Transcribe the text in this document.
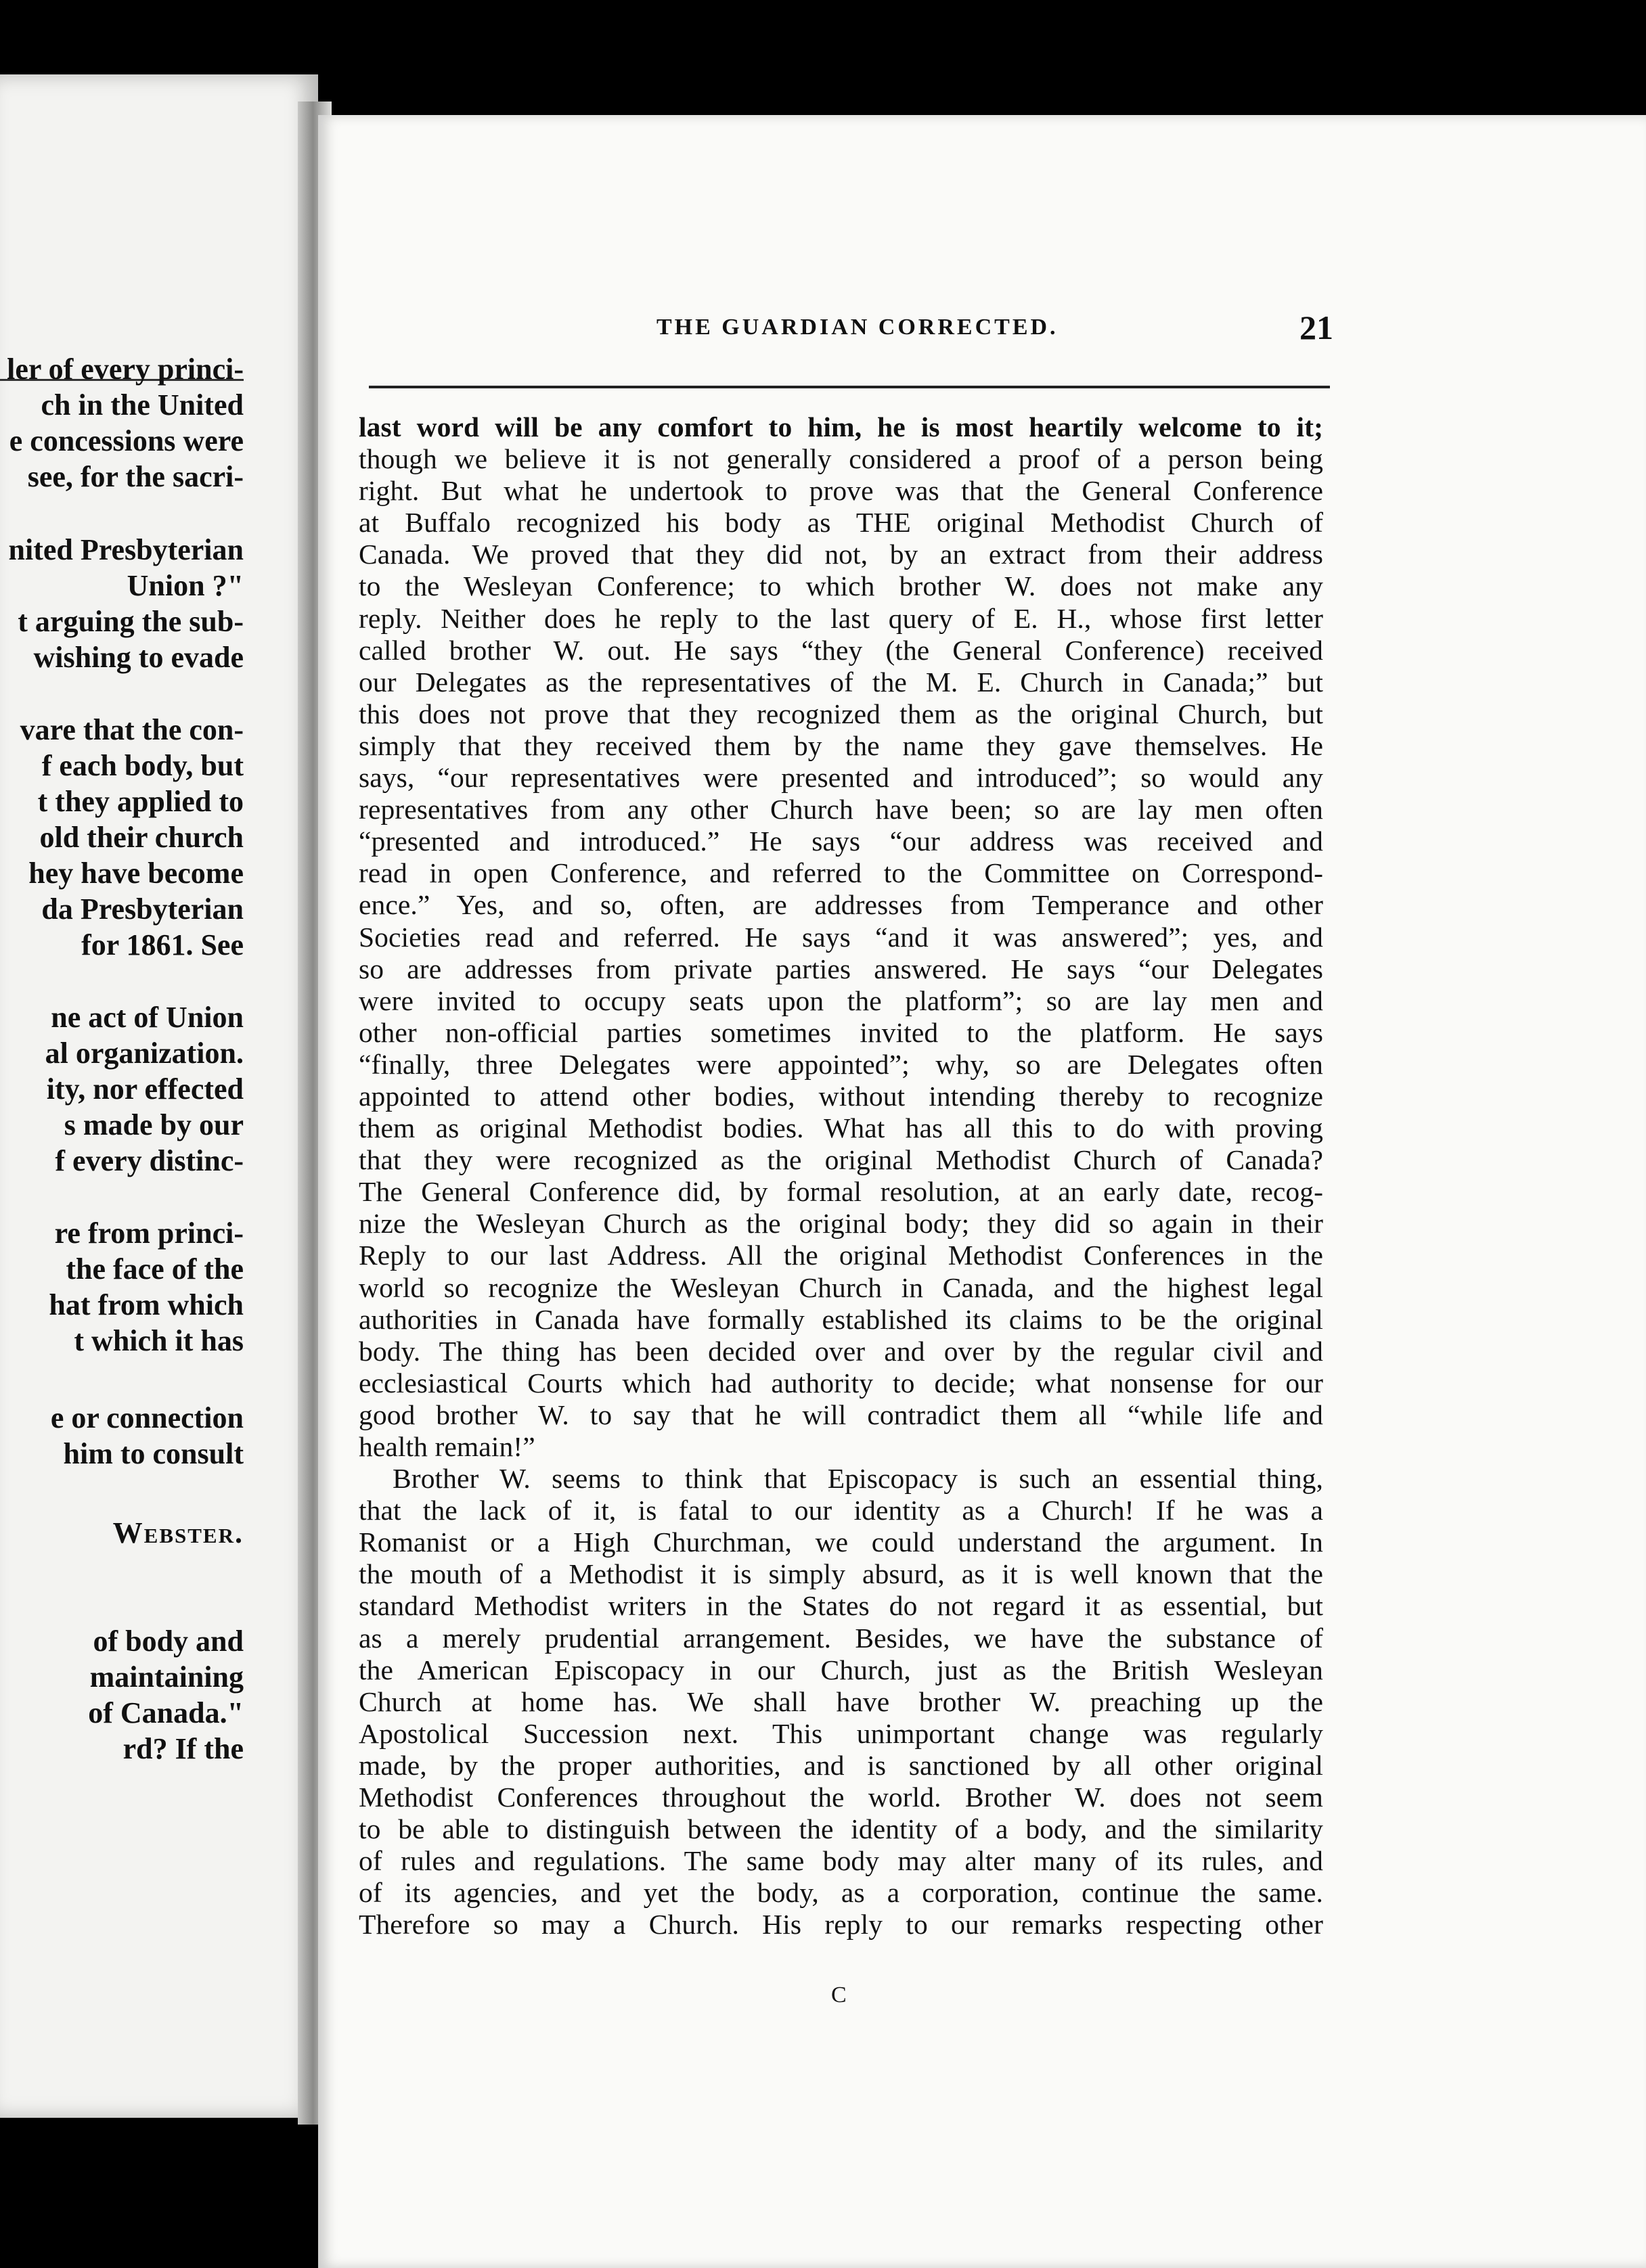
ler of every princi-
ch in the United
e concessions were
see, for the sacri-
nited Presbyterian
Union ?"
t arguing the sub-
wishing to evade
vare that the con-
f each body, but
t they applied to
old their church
hey have become
da Presbyterian
for 1861. See
ne act of Union
al organization.
ity, nor effected
s made by our
f every distinc-
re from princi-
the face of the
hat from which
t which it has
e or connection
him to consult
Webster.
of body and
maintaining
of Canada."
rd? If the
THE GUARDIAN CORRECTED.	21
last word will be any comfort to him, he is most heartily welcome to it;
though we believe it is not generally considered a proof of a person being
right. But what he undertook to prove was that the General Conference
at Buffalo recognized his body as THE original Methodist Church of
Canada. We proved that they did not, by an extract from their address
to the Wesleyan Conference; to which brother W. does not make any
reply. Neither does he reply to the last query of E. H., whose first letter
called brother W. out. He says “they (the General Conference) received
our Delegates as the representatives of the M. E. Church in Canada;” but
this does not prove that they recognized them as the original Church, but
simply that they received them by the name they gave themselves. He
says, “our representatives were presented and introduced”; so would any
representatives from any other Church have been; so are lay men often
“presented and introduced.” He says “our address was received and
read in open Conference, and referred to the Committee on Correspond-
ence.” Yes, and so, often, are addresses from Temperance and other
Societies read and referred. He says “and it was answered”; yes, and
so are addresses from private parties answered. He says “our Delegates
were invited to occupy seats upon the platform”; so are lay men and
other non-official parties sometimes invited to the platform. He says
“finally, three Delegates were appointed”; why, so are Delegates often
appointed to attend other bodies, without intending thereby to recognize
them as original Methodist bodies. What has all this to do with proving
that they were recognized as the original Methodist Church of Canada?
The General Conference did, by formal resolution, at an early date, recog-
nize the Wesleyan Church as the original body; they did so again in their
Reply to our last Address. All the original Methodist Conferences in the
world so recognize the Wesleyan Church in Canada, and the highest legal
authorities in Canada have formally established its claims to be the original
body. The thing has been decided over and over by the regular civil and
ecclesiastical Courts which had authority to decide; what nonsense for our
good brother W. to say that he will contradict them all “while life and
health remain!”
Brother W. seems to think that Episcopacy is such an essential thing,
that the lack of it, is fatal to our identity as a Church! If he was a
Romanist or a High Churchman, we could understand the argument. In
the mouth of a Methodist it is simply absurd, as it is well known that the
standard Methodist writers in the States do not regard it as essential, but
as a merely prudential arrangement. Besides, we have the substance of
the American Episcopacy in our Church, just as the British Wesleyan
Church at home has. We shall have brother W. preaching up the
Apostolical Succession next. This unimportant change was regularly
made, by the proper authorities, and is sanctioned by all other original
Methodist Conferences throughout the world. Brother W. does not seem
to be able to distinguish between the identity of a body, and the similarity
of rules and regulations. The same body may alter many of its rules, and
of its agencies, and yet the body, as a corporation, continue the same.
Therefore so may a Church. His reply to our remarks respecting other
C
